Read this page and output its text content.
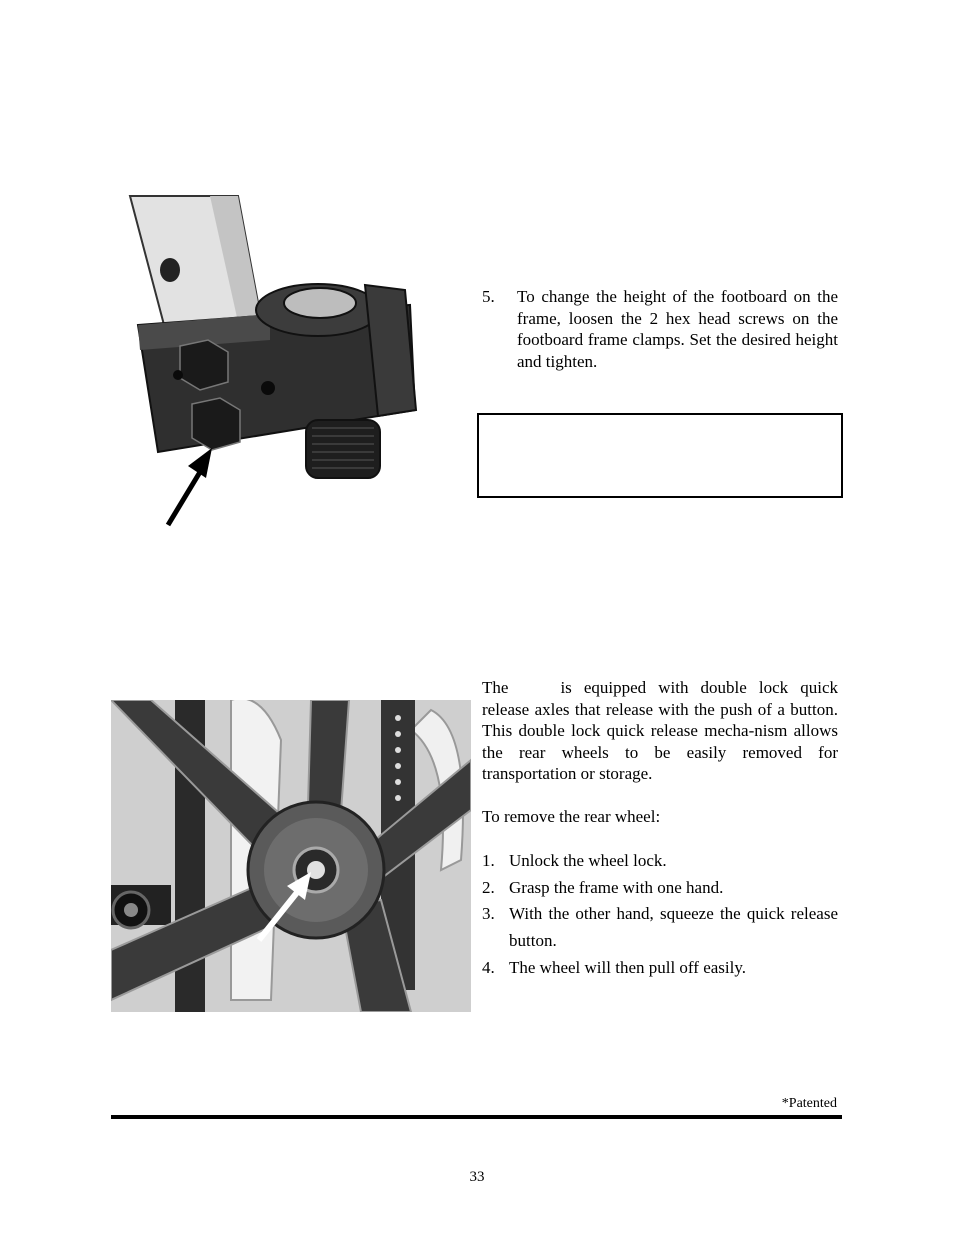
5. To change the height of the footboard on the frame, loosen the 2 hex head screws on the footboard frame clamps. Set the desired height and tighten.
The	is equipped with double lock quick release axles that release with the push of a button. This double lock quick release mecha-nism allows the rear wheels to be easily removed for transportation or storage.
To remove the rear wheel:
1. Unlock the wheel lock.
2. Grasp the frame with one hand.
3. With the other hand, squeeze the quick release button.
4. The wheel will then pull off easily.
*Patented
33
